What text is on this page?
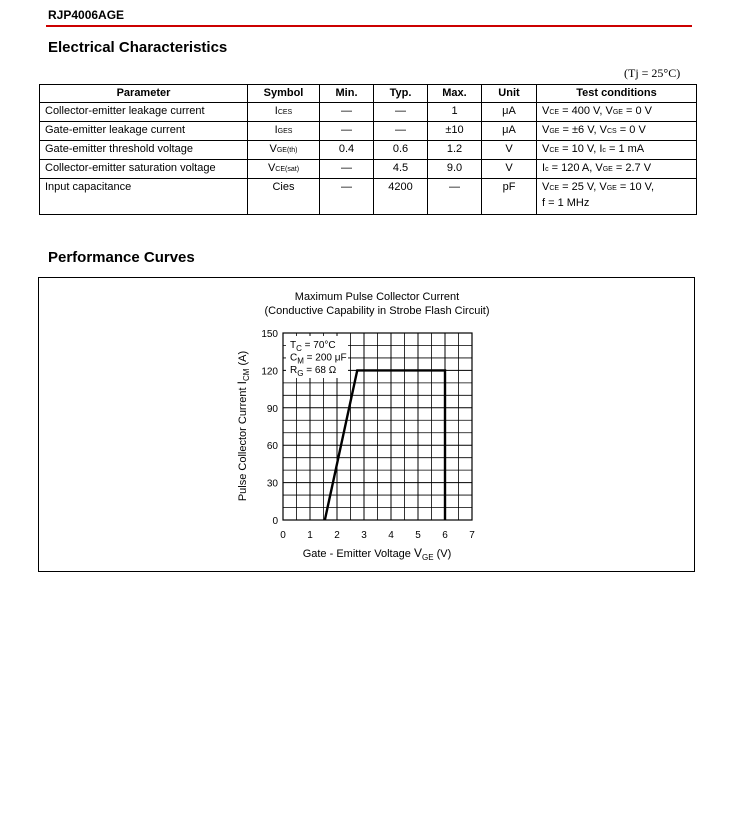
RJP4006AGE
Electrical Characteristics
(Tj = 25°C)
Parameter	Symbol	Min.	Typ.	Max.	Unit	Test conditions
Collector-emitter leakage current	ICES	—	—	1	μA	VCE = 400 V, VGE = 0 V
Gate-emitter leakage current	IGES	—	—	±10	μA	VGE = ±6 V, VCS = 0 V
Gate-emitter threshold voltage	VGE(th)	0.4	0.6	1.2	V	VCE = 10 V, Ic = 1 mA
Collector-emitter saturation voltage	VCE(sat)	—	4.5	9.0	V	Ic = 120 A, VGE = 2.7 V
Input capacitance	Cies	—	4200	—	pF	VCE = 25 V, VGE = 10 V,
f = 1 MHz
Performance Curves
Maximum Pulse Collector Current
(Conductive Capability in Strobe Flash Circuit)
$T_C = 70^\circ C$
$C_M = 200$ μF
$R_G = 68$ Ω
0 1 2 3 4 5 6 7
0
30
60
90
120
150
Gate - Emitter Voltage $V_{GE}$ (V)
Pulse Collector Current $I_{CM}$ (A)
